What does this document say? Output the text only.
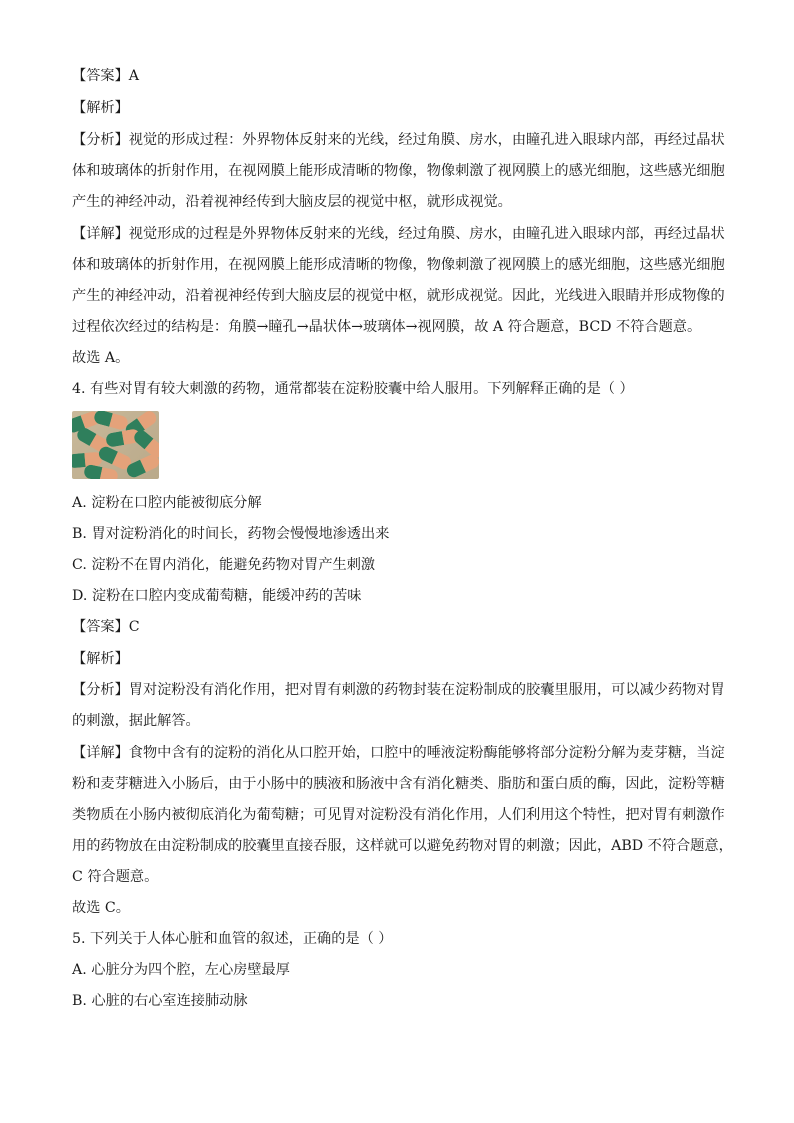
【答案】A
【解析】
【分析】视觉的形成过程：外界物体反射来的光线，经过角膜、房水，由瞳孔进入眼球内部，再经过晶状
体和玻璃体的折射作用，在视网膜上能形成清晰的物像，物像刺激了视网膜上的感光细胞，这些感光细胞
产生的神经冲动，沿着视神经传到大脑皮层的视觉中枢，就形成视觉。
【详解】视觉形成的过程是外界物体反射来的光线，经过角膜、房水，由瞳孔进入眼球内部，再经过晶状
体和玻璃体的折射作用，在视网膜上能形成清晰的物像，物像刺激了视网膜上的感光细胞，这些感光细胞
产生的神经冲动，沿着视神经传到大脑皮层的视觉中枢，就形成视觉。因此，光线进入眼睛并形成物像的
过程依次经过的结构是：角膜→瞳孔→晶状体→玻璃体→视网膜，故 A 符合题意，BCD 不符合题意。
故选 A。
4. 有些对胃有较大刺激的药物，通常都装在淀粉胶囊中给人服用。下列解释正确的是（ ）
A. 淀粉在口腔内能被彻底分解
B. 胃对淀粉消化的时间长，药物会慢慢地渗透出来
C. 淀粉不在胃内消化，能避免药物对胃产生刺激
D. 淀粉在口腔内变成葡萄糖，能缓冲药的苦味
【答案】C
【解析】
【分析】胃对淀粉没有消化作用，把对胃有刺激的药物封装在淀粉制成的胶囊里服用，可以减少药物对胃
的刺激，据此解答。
【详解】食物中含有的淀粉的消化从口腔开始，口腔中的唾液淀粉酶能够将部分淀粉分解为麦芽糖，当淀
粉和麦芽糖进入小肠后，由于小肠中的胰液和肠液中含有消化糖类、脂肪和蛋白质的酶，因此，淀粉等糖
类物质在小肠内被彻底消化为葡萄糖；可见胃对淀粉没有消化作用，人们利用这个特性，把对胃有刺激作
用的药物放在由淀粉制成的胶囊里直接吞服，这样就可以避免药物对胃的刺激；因此，ABD 不符合题意，
C 符合题意。
故选 C。
5. 下列关于人体心脏和血管的叙述，正确的是（ ）
A. 心脏分为四个腔，左心房壁最厚
B. 心脏的右心室连接肺动脉
